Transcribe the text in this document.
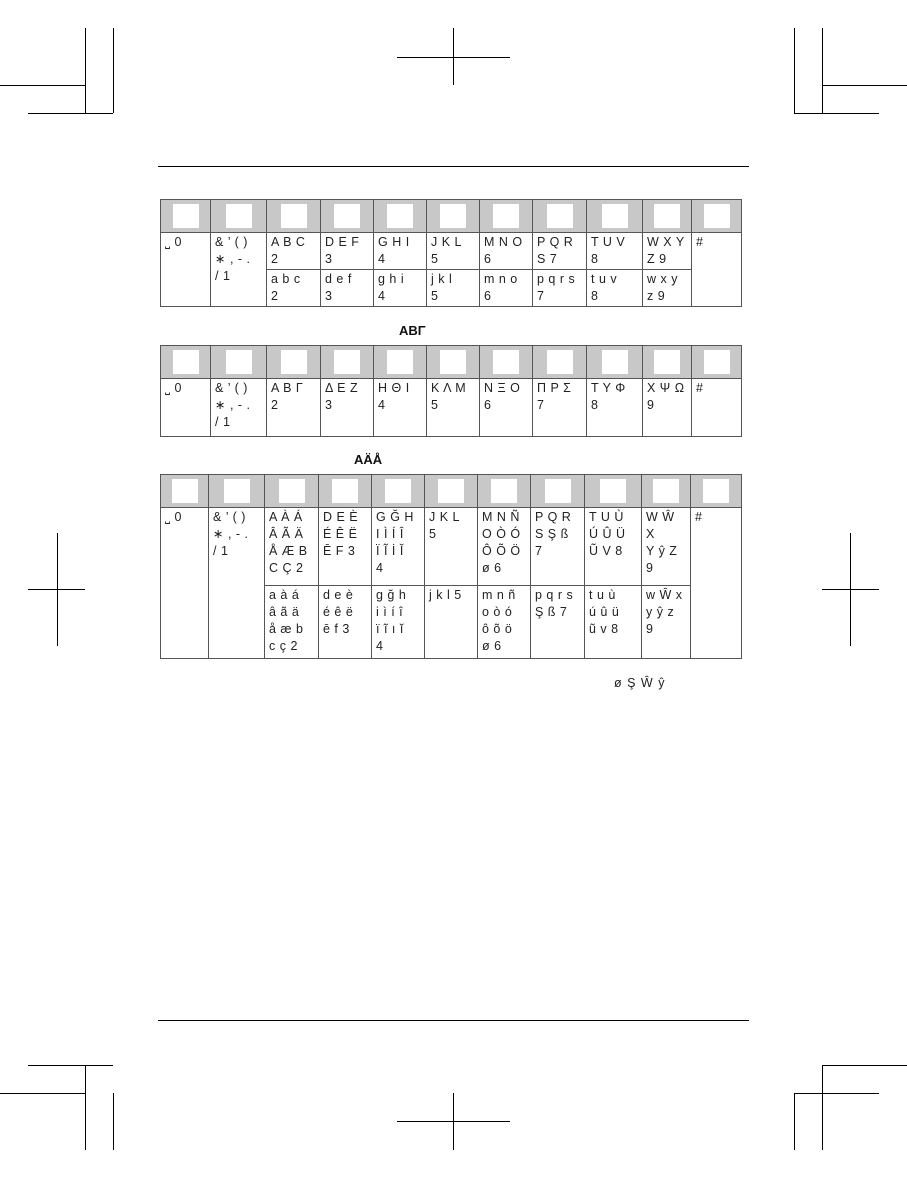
⎵ 0	& ’ ( )
∗ , - .
/ 1	A B C
2	D E F
3	G H I
4	J K L
5	M N O
6	P Q R
S 7	T U V
8	W X Y
Z 9	#
		a b c
2	d e f
3	g h i
4	j k l
5	m n o
6	p q r s
7	t u v
8	w x y
z 9	
ΑΒΓ

⎵ 0	& ’ ( )
∗ , - .
/ 1	Α Β Γ
2	Δ Ε Ζ
3	Η Θ Ι
4	Κ Λ Μ
5	Ν Ξ Ο
6	Π Ρ Σ
7	Τ Υ Φ
8	Χ Ψ Ω
9	#
AÄÅ

⎵ 0	& ’ ( )
∗ , - .
/ 1	A À Á
Â Ã Ä
Å Æ B
C Ç 2	D E È
É Ê Ë
Ē F 3	G Ğ H
I Ì Í Î
Ï Ĩ İ Ĭ
4	J K L
5	M N Ñ
O Ò Ó
Ô Õ Ö
ø 6	P Q R
S Ş ß
7	T U Ù
Ú Û Ü
Ũ V 8	W Ŵ X
Y ŷ Z
9	#
		a à á
â ã ä
å æ b
c ç 2	d e è
é ê ë
ē f 3	g ğ h
i ì í î
ï ĩ ı ĭ
4	j k l 5	m n ñ
o ò ó
ô õ ö
ø 6	p q r s
Ş ß 7	t u ù
ú û ü
ũ v 8	w Ŵ x
y ŷ z
9	
ø Ş Ŵ ŷ
